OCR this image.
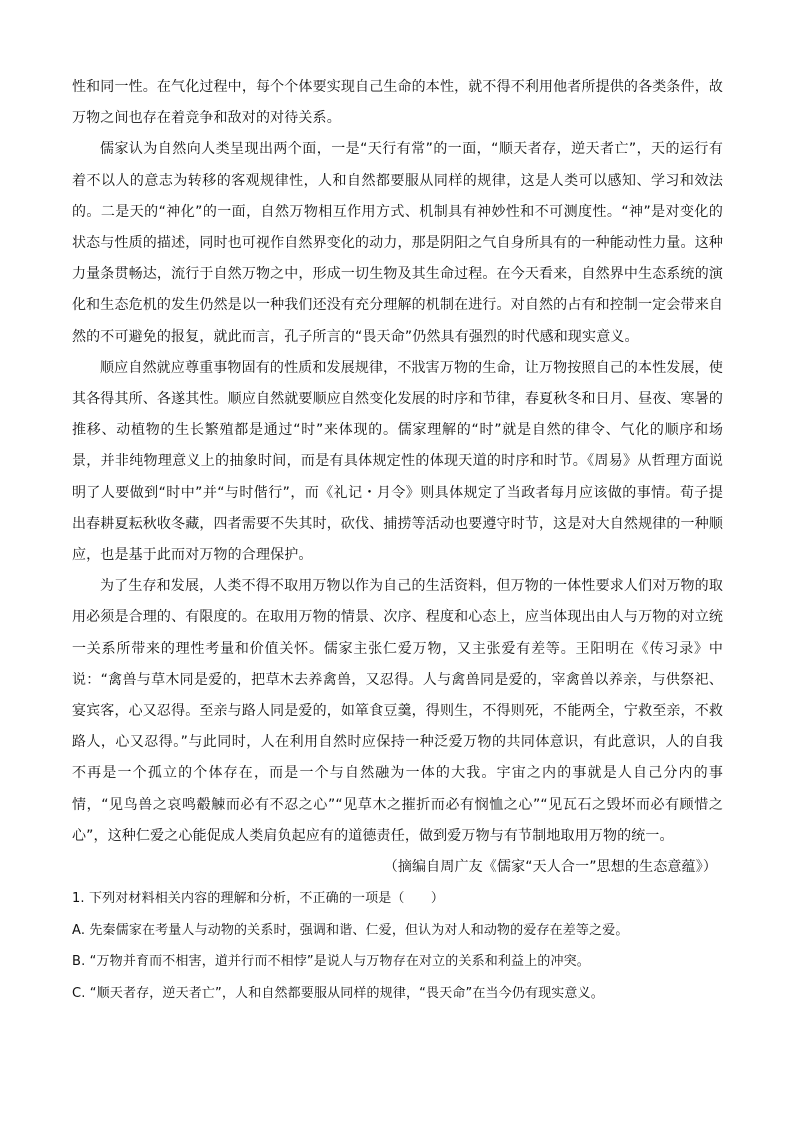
性和同一性。在气化过程中，每个个体要实现自己生命的本性，就不得不利用他者所提供的各类条件，故万物之间也存在着竞争和敌对的对待关系。

儒家认为自然向人类呈现出两个面，一是“天行有常”的一面，“顺天者存，逆天者亡”，天的运行有着不以人的意志为转移的客观规律性，人和自然都要服从同样的规律，这是人类可以感知、学习和效法的。二是天的“神化”的一面，自然万物相互作用方式、机制具有神妙性和不可测度性。“神”是对变化的状态与性质的描述，同时也可视作自然界变化的动力，那是阴阳之气自身所具有的一种能动性力量。这种力量条贯畅达，流行于自然万物之中，形成一切生物及其生命过程。在今天看来，自然界中生态系统的演化和生态危机的发生仍然是以一种我们还没有充分理解的机制在进行。对自然的占有和控制一定会带来自然的不可避免的报复，就此而言，孔子所言的“畏天命”仍然具有强烈的时代感和现实意义。

顺应自然就应尊重事物固有的性质和发展规律，不戕害万物的生命，让万物按照自己的本性发展，使其各得其所、各遂其性。顺应自然就要顺应自然变化发展的时序和节律，春夏秋冬和日月、昼夜、寒暑的推移、动植物的生长繁殖都是通过“时”来体现的。儒家理解的“时”就是自然的律令、气化的顺序和场景，并非纯物理意义上的抽象时间，而是有具体规定性的体现天道的时序和时节。《周易》从哲理方面说明了人要做到“时中”并“与时偕行”，而《礼记・月令》则具体规定了当政者每月应该做的事情。荀子提出春耕夏耘秋收冬藏，四者需要不失其时，砍伐、捕捞等活动也要遵守时节，这是对大自然规律的一种顺应，也是基于此而对万物的合理保护。

为了生存和发展，人类不得不取用万物以作为自己的生活资料，但万物的一体性要求人们对万物的取用必须是合理的、有限度的。在取用万物的情景、次序、程度和心态上，应当体现出由人与万物的对立统一关系所带来的理性考量和价值关怀。儒家主张仁爱万物，又主张爱有差等。王阳明在《传习录》中说：“禽兽与草木同是爱的，把草木去养禽兽，又忍得。人与禽兽同是爱的，宰禽兽以养亲，与供祭祀、宴宾客，心又忍得。至亲与路人同是爱的，如箪食豆羹，得则生，不得则死，不能两全，宁救至亲，不救路人，心又忍得。”与此同时，人在利用自然时应保持一种泛爱万物的共同体意识，有此意识，人的自我不再是一个孤立的个体存在，而是一个与自然融为一体的大我。宇宙之内的事就是人自己分内的事情，“见鸟兽之哀鸣觳觫而必有不忍之心”“见草木之摧折而必有悯恤之心”“见瓦石之毁坏而必有顾惜之心”，这种仁爱之心能促成人类肩负起应有的道德责任，做到爱万物与有节制地取用万物的统一。

（摘编自周广友《儒家“天人合一”思想的生态意蕴》）

1. 下列对材料相关内容的理解和分析，不正确的一项是（　　）

A. 先秦儒家在考量人与动物的关系时，强调和谐、仁爱，但认为对人和动物的爱存在差等之爱。

B. “万物并育而不相害，道并行而不相悖”是说人与万物存在对立的关系和利益上的冲突。

C. “顺天者存，逆天者亡”，人和自然都要服从同样的规律，“畏天命”在当今仍有现实意义。
